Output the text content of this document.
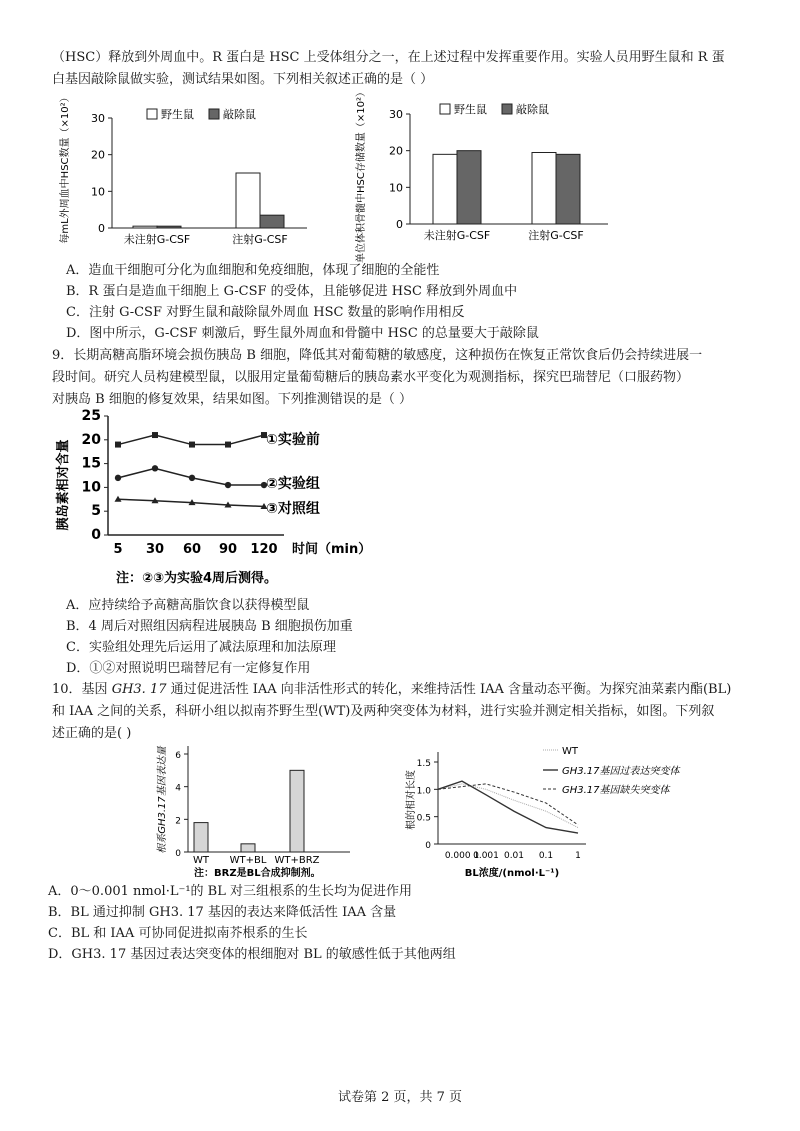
（HSC）释放到外周血中。R 蛋白是 HSC 上受体组分之一，在上述过程中发挥重要作用。实验人员用野生鼠和 R 蛋
白基因敲除鼠做实验，测试结果如图。下列相关叙述正确的是（ ）
每mL外周血中HSC数量（×10²） 0
10
20
30	野生鼠	敲除鼠
未注射G-CSF	注射G-CSF	单位体积骨髓中HSC存储数量（×10²）	0
10
20
30	野生鼠	敲除鼠
未注射G-CSF	注射G-CSF
A．造血干细胞可分化为血细胞和免疫细胞，体现了细胞的全能性
B．R 蛋白是造血干细胞上 G-CSF 的受体，且能够促进 HSC 释放到外周血中
C．注射 G-CSF 对野生鼠和敲除鼠外周血 HSC 数量的影响作用相反
D．图中所示，G-CSF 刺激后，野生鼠外周血和骨髓中 HSC 的总量要大于敲除鼠
9．长期高糖高脂环境会损伤胰岛 B 细胞，降低其对葡萄糖的敏感度，这种损伤在恢复正常饮食后仍会持续进展一
段时间。研究人员构建模型鼠，以服用定量葡萄糖后的胰岛素水平变化为观测指标，探究巴瑞替尼（口服药物）
对胰岛 B 细胞的修复效果，结果如图。下列推测错误的是（ ）
胰岛素相对含量
0
5
10
15
20
25
5 30 60 90 120 时间（min）
①实验前
②实验组
③对照组
注：②③为实验4周后测得。
A．应持续给予高糖高脂饮食以获得模型鼠
B．4 周后对照组因病程进展胰岛 B 细胞损伤加重
C．实验组处理先后运用了减法原理和加法原理
D．①②对照说明巴瑞替尼有一定修复作用
10．基因 GH3. 17 通过促进活性 IAA 向非活性形式的转化，来维持活性 IAA 含量动态平衡。为探究油菜素内酯(BL)
和 IAA 之间的关系，科研小组以拟南芥野生型(WT)及两种突变体为材料，进行实验并测定相关指标，如图。下列叙
述正确的是( )
根系GH3.17基因表达量
0
2
4
6
WT WT+BL WT+BRZ
注：BRZ是BL合成抑制剂。
根的相对长度
0
0.5
1.0
1.5
0.000 1
0.001 0.01 0.1 1
WT
GH3.17基因过表达突变体
GH3.17基因缺失突变体
BL浓度/(nmol·L⁻¹)
A．0～0.001 nmol·L⁻¹的 BL 对三组根系的生长均为促进作用
B．BL 通过抑制 GH3. 17 基因的表达来降低活性 IAA 含量
C．BL 和 IAA 可协同促进拟南芥根系的生长
D．GH3. 17 基因过表达突变体的根细胞对 BL 的敏感性低于其他两组
试卷第 2 页，共 7 页
